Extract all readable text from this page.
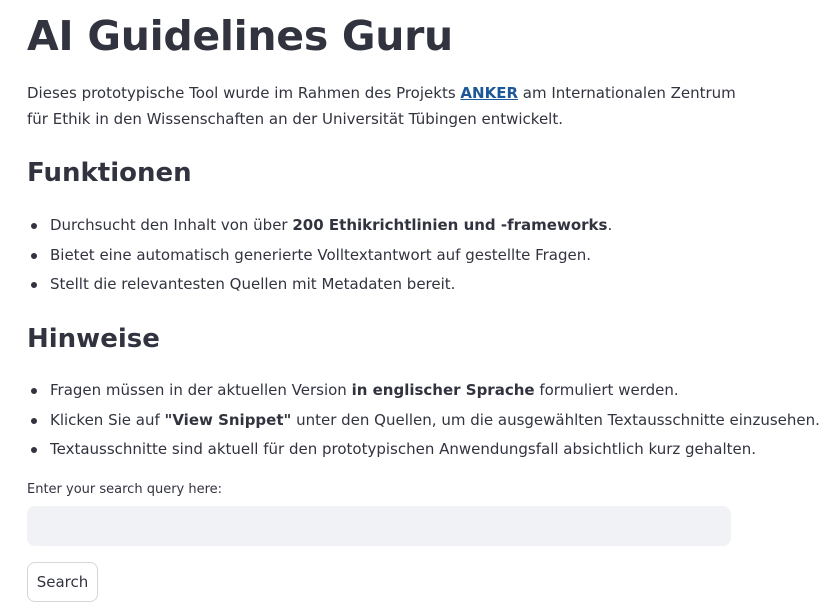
AI Guidelines Guru

Dieses prototypische Tool wurde im Rahmen des Projekts ANKER am Internationalen Zentrum für Ethik in den Wissenschaften an der Universität Tübingen entwickelt.

Funktionen
Durchsucht den Inhalt von über 200 Ethikrichtlinien und -frameworks.
Bietet eine automatisch generierte Volltextantwort auf gestellte Fragen.
Stellt die relevantesten Quellen mit Metadaten bereit.
Hinweise
Fragen müssen in der aktuellen Version in englischer Sprache formuliert werden.
Klicken Sie auf "View Snippet" unter den Quellen, um die ausgewählten Textausschnitte einzusehen.
Textausschnitte sind aktuell für den prototypischen Anwendungsfall absichtlich kurz gehalten.
Enter your search query here:
Search
